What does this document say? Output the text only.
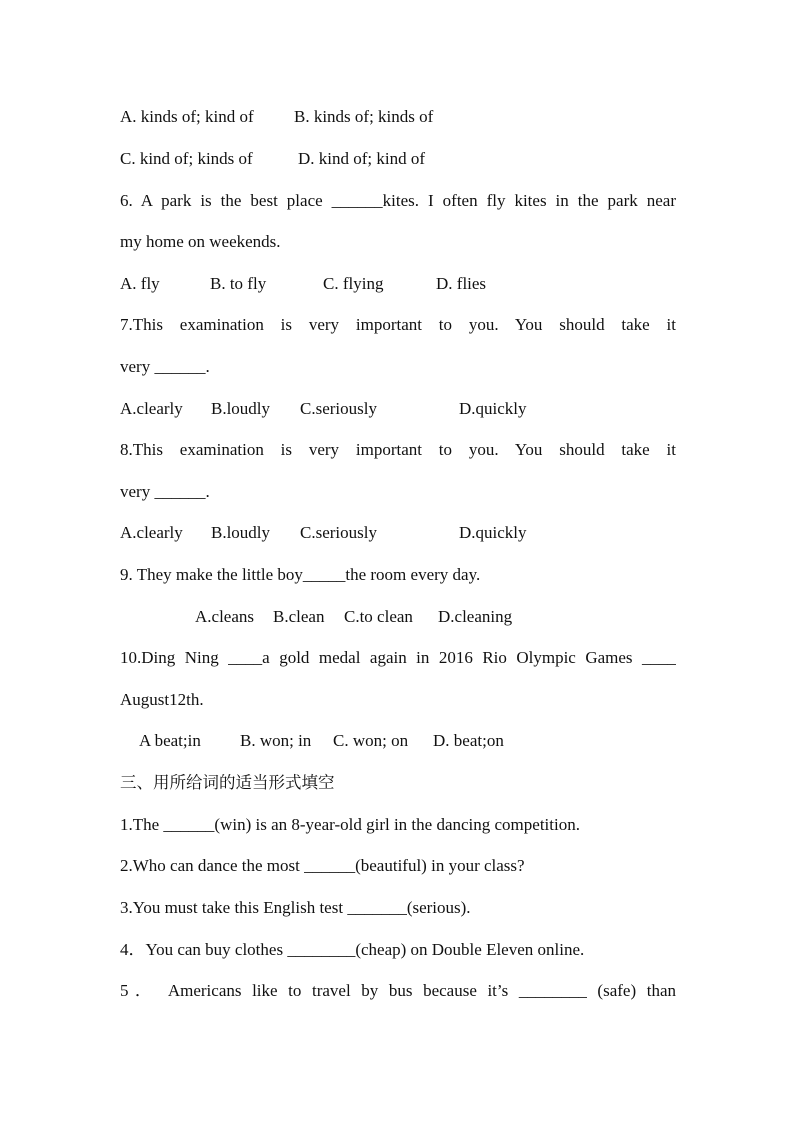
A. kinds of; kind of B. kinds of; kinds of
C. kind of; kinds of	D. kind of; kind of
6. A park is the best place ______kites. I often fly kites in the park near
my home on weekends.
A. fly	B. to fly	C. flying	D. flies
7.This examination is very important to you. You should take it
very ______.
A.clearly B.loudly C.seriously	D.quickly
8.This examination is very important to you. You should take it
very ______.
A.clearly B.loudly C.seriously	D.quickly
9. They make the little boy_____the room every day.
A.cleans B.clean C.to clean D.cleaning
10.Ding Ning ____a gold medal again in 2016 Rio Olympic Games ____
August12th.
A beat;in B. won; in C. won; on D. beat;on
三、用所给词的适当形式填空
1.The ______(win) is an 8-year-old girl in the dancing competition.
2.Who can dance the most ______(beautiful) in your class?
3.You must take this English test _______(serious).
4．You can buy clothes ________(cheap) on Double Eleven online.
5． Americans like to travel by bus because it’s ________ (safe) than
